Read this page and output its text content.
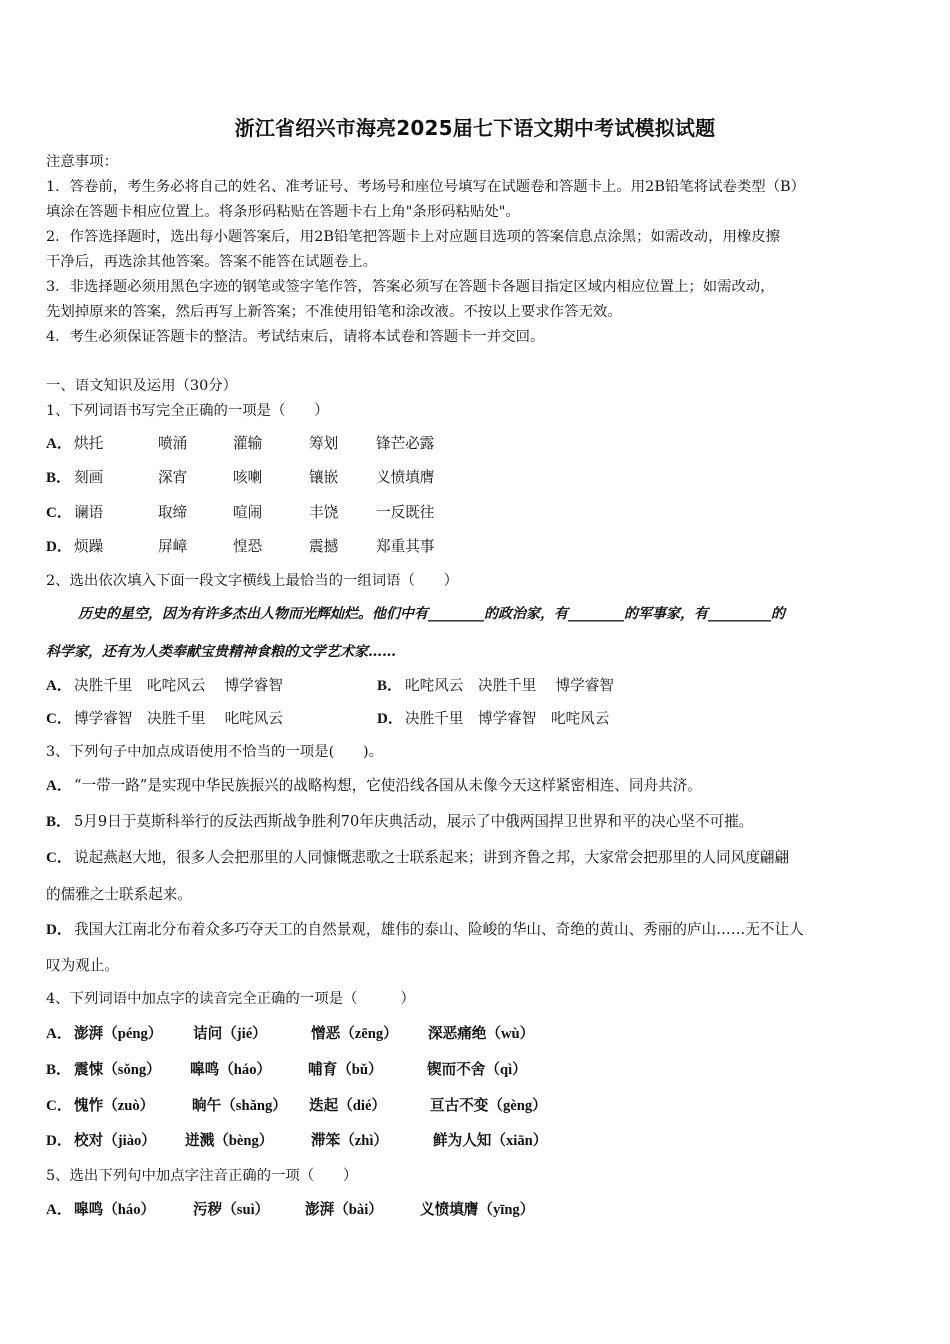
浙江省绍兴市海亮2025届七下语文期中考试模拟试题
注意事项：
1．答卷前，考生务必将自己的姓名、准考证号、考场号和座位号填写在试题卷和答题卡上。用2B铅笔将试卷类型（B）
填涂在答题卡相应位置上。将条形码粘贴在答题卡右上角"条形码粘贴处"。
2．作答选择题时，选出每小题答案后，用2B铅笔把答题卡上对应题目选项的答案信息点涂黑；如需改动，用橡皮擦
干净后，再选涂其他答案。答案不能答在试题卷上。
3．非选择题必须用黑色字迹的钢笔或签字笔作答，答案必须写在答题卡各题目指定区域内相应位置上；如需改动，
先划掉原来的答案，然后再写上新答案；不准使用铅笔和涂改液。不按以上要求作答无效。
4．考生必须保证答题卡的整洁。考试结束后，请将本试卷和答题卡一并交回。
一、语文知识及运用（30分）
1、下列词语书写完全正确的一项是（　　）
A． 烘托	喷涌	灌输	筹划	锋芒必露
B． 刻画	深宵	咳喇	镶嵌	义愤填膺
C． 谰语	取缔	喧闹	丰饶	一反既往
D． 烦躁	屏嶂	惶恐	震撼	郑重其事
2、选出依次填入下面一段文字横线上最恰当的一组词语（　　）
历史的星空，因为有许多杰出人物而光辉灿烂。他们中有________的政治家，有________的军事家，有_________的
科学家，还有为人类奉献宝贵精神食粮的文学艺术家……
A． 决胜千里　叱咤风云　 博学睿智	B． 叱咤风云　决胜千里　 博学睿智
C． 博学睿智　决胜千里　 叱咤风云	D． 决胜千里　博学睿智　叱咤风云
3、下列句子中加点成语使用不恰当的一项是(　　)。
A． “一带一路”是实现中华民族振兴的战略构想，它使沿线各国从未像今天这样紧密相连、同舟共济。
B． 5月9日于莫斯科举行的反法西斯战争胜利70年庆典活动，展示了中俄两国捍卫世界和平的决心坚不可摧。
C． 说起燕赵大地，很多人会把那里的人同慷慨悲歌之士联系起来；讲到齐鲁之邦，大家常会把那里的人同风度翩翩
的儒雅之士联系起来。
D． 我国大江南北分布着众多巧夺天工的自然景观，雄伟的泰山、险峻的华山、奇绝的黄山、秀丽的庐山……无不让人
叹为观止。
4、下列词语中加点字的读音完全正确的一项是（　　　）
A． 澎湃（péng） 诘问（jié）	憎恶（zēng） 深恶痛绝（wù）
B． 震悚（sǒng） 嗥鸣（háo）	哺育（bǔ）	锲而不舍（qì）
C． 愧怍（zuò）	晌午（shǎng） 迭起（dié）	亘古不变（gèng）
D． 校对（jiào） 迸溅（bèng）	滞笨（zhì）	鲜为人知（xiān）
5、选出下列句中加点字注音正确的一项（　　）
A． 嗥鸣（háo）	污秽（suì） 澎湃（bài）	义愤填膺（yīng）
